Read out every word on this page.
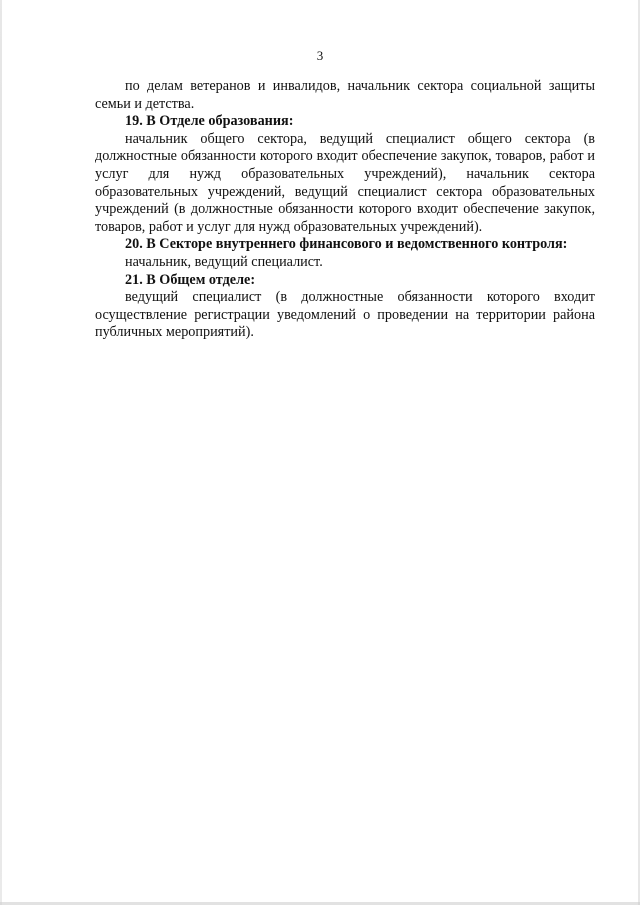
3

по делам ветеранов и инвалидов, начальник сектора социальной защиты семьи и детства.

19. В Отделе образования:

начальник общего сектора, ведущий специалист общего сектора (в должностные обязанности которого входит обеспечение закупок, товаров, работ и услуг для нужд образовательных учреждений), начальник сектора образовательных учреждений, ведущий специалист сектора образовательных учреждений (в должностные обязанности которого входит обеспечение закупок, товаров, работ и услуг для нужд образовательных учреждений).

20. В Секторе внутреннего финансового и ведомственного контроля:

начальник, ведущий специалист.

21. В Общем отделе:

ведущий специалист (в должностные обязанности которого входит осуществление регистрации уведомлений о проведении на территории района публичных мероприятий).
